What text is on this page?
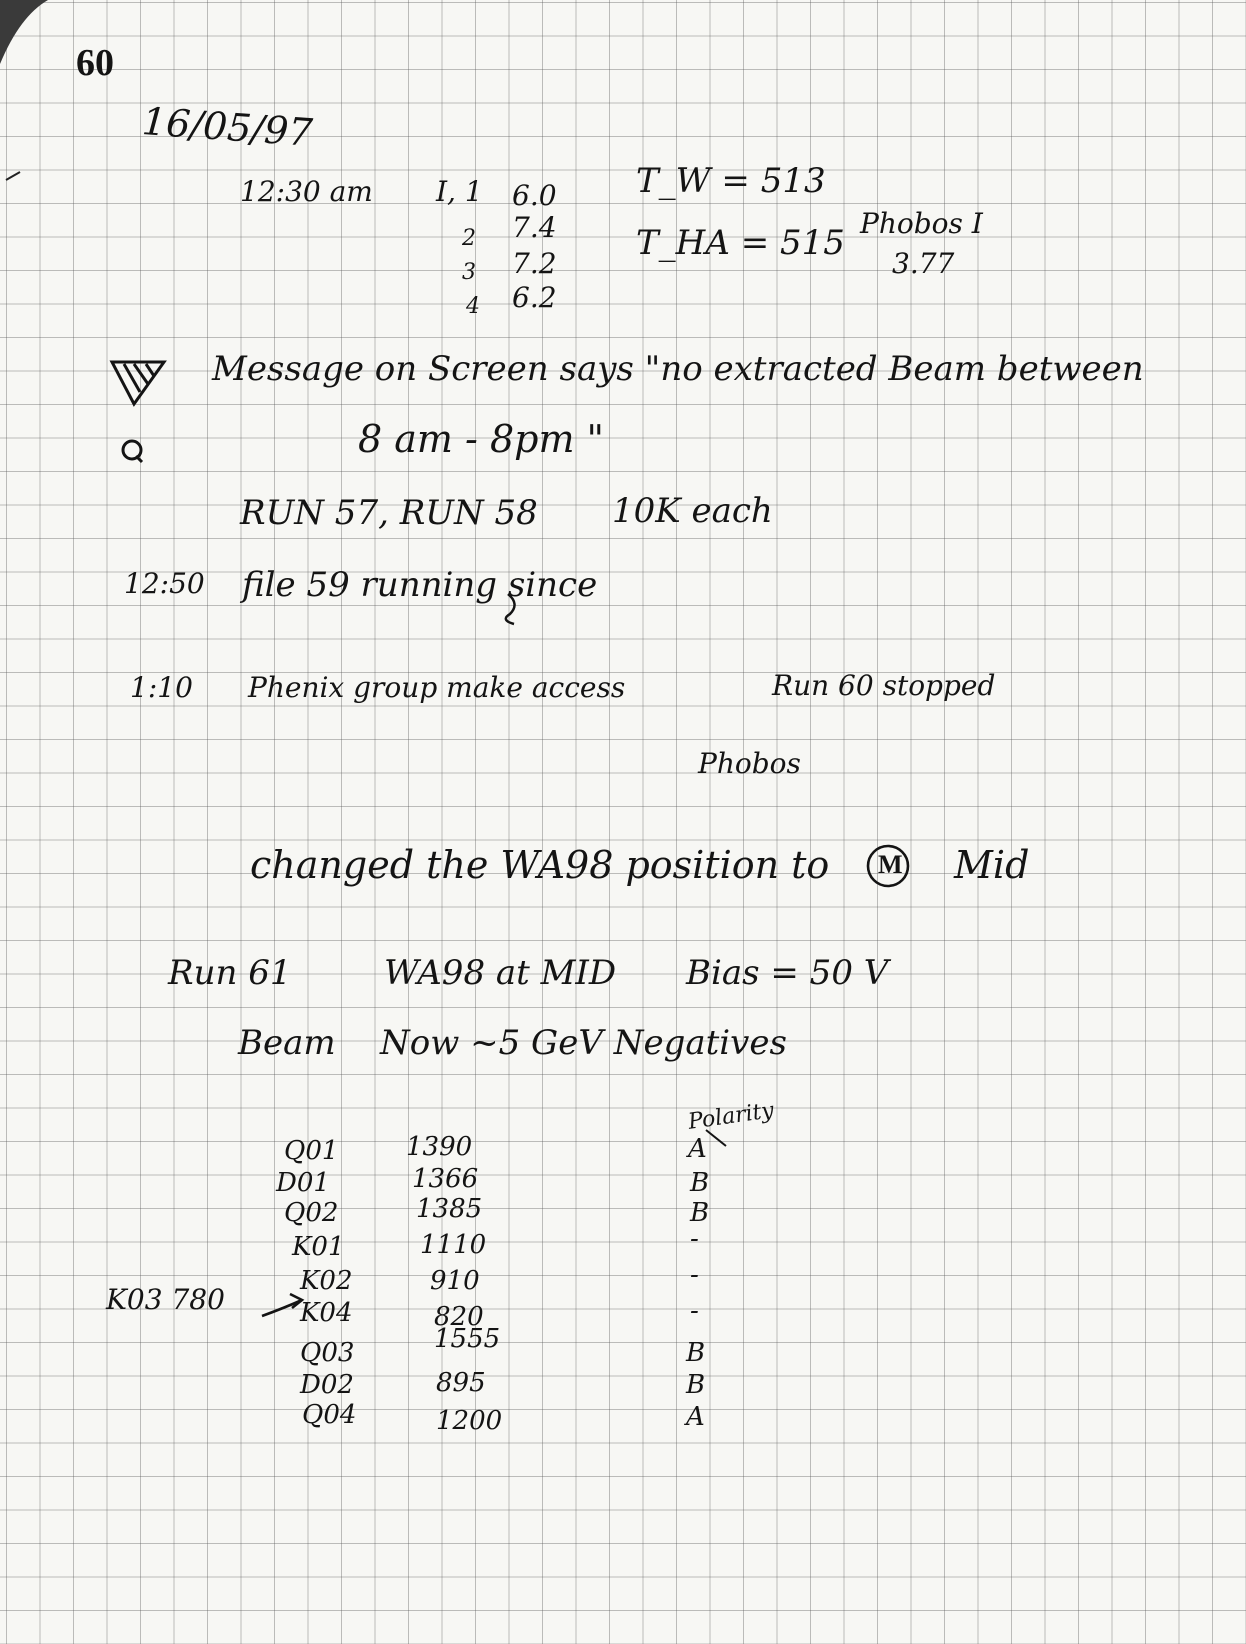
60
16/05/97
12:30 am I, 1 6.0
2 7.4
3 7.2
4 6.2
T_W = 513
T_HA = 515 Phobos I
3.77
Message on Screen says "no extracted Beam between
8 am - 8pm "
RUN 57, RUN 58 10K each
12:50 file 59 running since
1:10 Phenix group make access	Run 60 stopped
Phobos
changed the WA98 position to M Mid
Run 61	WA98 at MID Bias = 50 V
Beam Now ~5 GeV Negatives
Polarity
K03 780
Q01	1390	A
D01	1366	B
Q02	1385	B
K01	1110	-
K02	910	-
K04	820	-
Q03	1555	B
D02	895	B
Q04	1200	A
